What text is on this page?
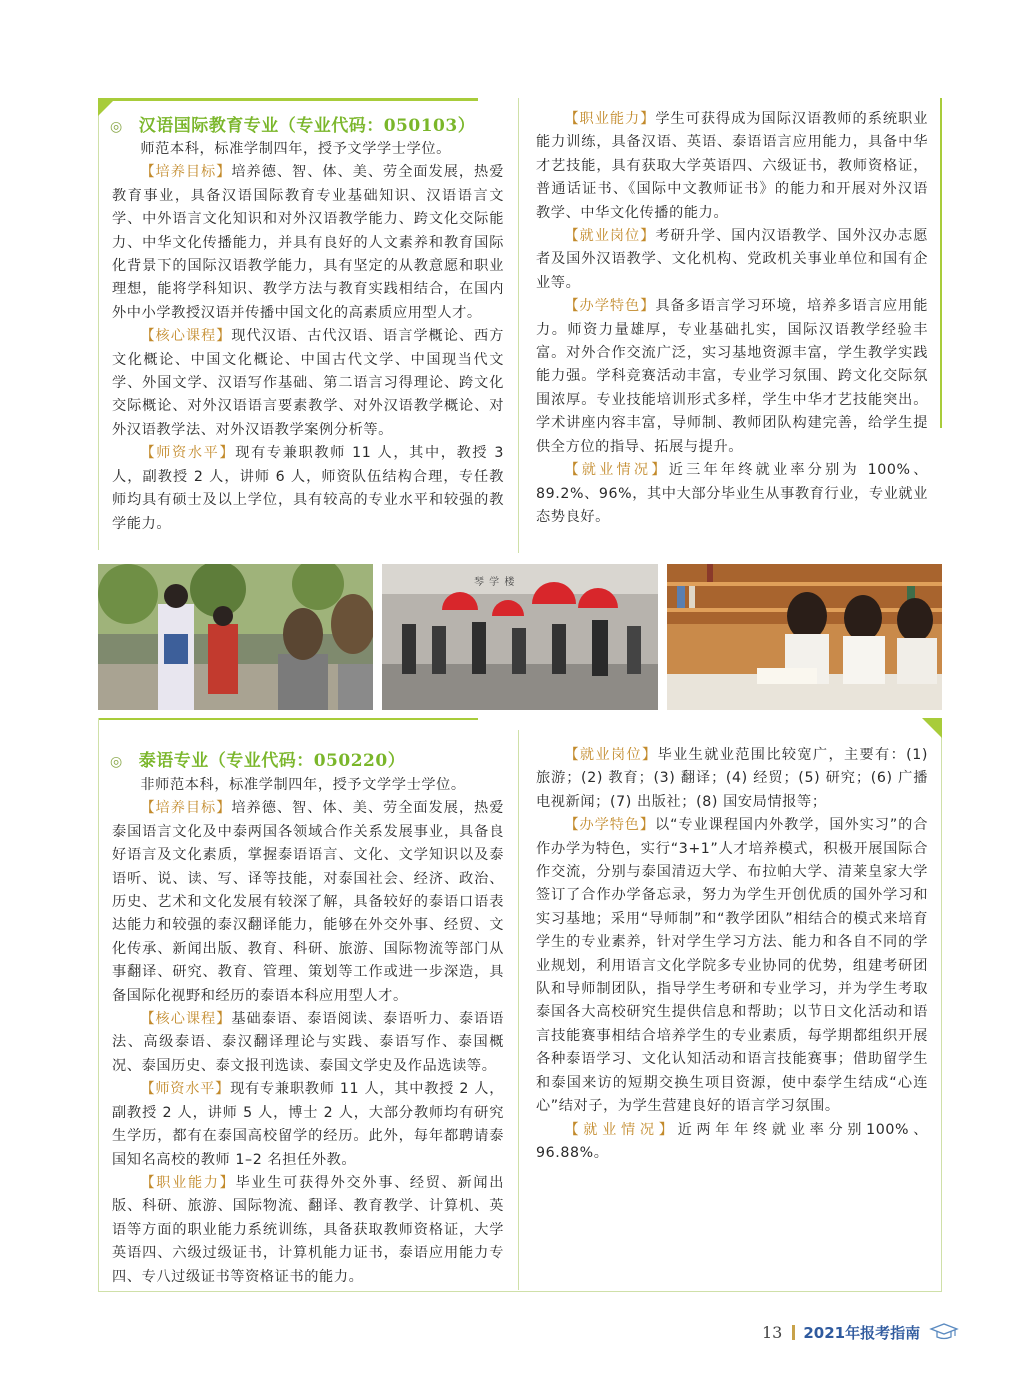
◎ 汉语国际教育专业（专业代码：050103）

师范本科，标准学制四年，授予文学学士学位。

【培养目标】培养德、智、体、美、劳全面发展，热爱教育事业，具备汉语国际教育专业基础知识、汉语语言文学、中外语言文化知识和对外汉语教学能力、跨文化交际能力、中华文化传播能力，并具有良好的人文素养和教育国际化背景下的国际汉语教学能力，具有坚定的从教意愿和职业理想，能将学科知识、教学方法与教育实践相结合，在国内外中小学教授汉语并传播中国文化的高素质应用型人才。

【核心课程】现代汉语、古代汉语、语言学概论、西方文化概论、中国文化概论、中国古代文学、中国现当代文学、外国文学、汉语写作基础、第二语言习得理论、跨文化交际概论、对外汉语语言要素教学、对外汉语教学概论、对外汉语教学法、对外汉语教学案例分析等。

【师资水平】现有专兼职教师 11 人，其中，教授 3 人，副教授 2 人，讲师 6 人，师资队伍结构合理，专任教师均具有硕士及以上学位，具有较高的专业水平和较强的教学能力。

【职业能力】学生可获得成为国际汉语教师的系统职业能力训练，具备汉语、英语、泰语语言应用能力，具备中华才艺技能，具有获取大学英语四、六级证书，教师资格证，普通话证书、《国际中文教师证书》的能力和开展对外汉语教学、中华文化传播的能力。

【就业岗位】考研升学、国内汉语教学、国外汉办志愿者及国外汉语教学、文化机构、党政机关事业单位和国有企业等。

【办学特色】具备多语言学习环境，培养多语言应用能力。师资力量雄厚，专业基础扎实，国际汉语教学经验丰富。对外合作交流广泛，实习基地资源丰富，学生教学实践能力强。学科竞赛活动丰富，专业学习氛围、跨文化交际氛围浓厚。专业技能培训形式多样，学生中华才艺技能突出。学术讲座内容丰富，导师制、教师团队构建完善，给学生提供全方位的指导、拓展与提升。

【就业情况】近三年年终就业率分别为 100%、89.2%、96%，其中大部分毕业生从事教育行业，专业就业态势良好。

琴 学 楼
◎ 泰语专业（专业代码：050220）

非师范本科，标准学制四年，授予文学学士学位。

【培养目标】培养德、智、体、美、劳全面发展，热爱泰国语言文化及中泰两国各领域合作关系发展事业，具备良好语言及文化素质，掌握泰语语言、文化、文学知识以及泰语听、说、读、写、译等技能，对泰国社会、经济、政治、历史、艺术和文化发展有较深了解，具备较好的泰语口语表达能力和较强的泰汉翻译能力，能够在外交外事、经贸、文化传承、新闻出版、教育、科研、旅游、国际物流等部门从事翻译、研究、教育、管理、策划等工作或进一步深造，具备国际化视野和经历的泰语本科应用型人才。

【核心课程】基础泰语、泰语阅读、泰语听力、泰语语法、高级泰语、泰汉翻译理论与实践、泰语写作、泰国概况、泰国历史、泰文报刊选读、泰国文学史及作品选读等。

【师资水平】现有专兼职教师 11 人，其中教授 2 人，副教授 2 人，讲师 5 人，博士 2 人，大部分教师均有研究生学历，都有在泰国高校留学的经历。此外，每年都聘请泰国知名高校的教师 1–2 名担任外教。

【职业能力】毕业生可获得外交外事、经贸、新闻出版、科研、旅游、国际物流、翻译、教育教学、计算机、英语等方面的职业能力系统训练，具备获取教师资格证，大学英语四、六级过级证书，计算机能力证书，泰语应用能力专四、专八过级证书等资格证书的能力。

【就业岗位】毕业生就业范围比较宽广，主要有：(1) 旅游；(2) 教育；(3) 翻译；(4) 经贸；(5) 研究；(6) 广播电视新闻；(7) 出版社；(8) 国安局情报等；

【办学特色】以“专业课程国内外教学，国外实习”的合作办学为特色，实行“3+1”人才培养模式，积极开展国际合作交流，分别与泰国清迈大学、布拉帕大学、清莱皇家大学签订了合作办学备忘录，努力为学生开创优质的国外学习和实习基地；采用“导师制”和“教学团队”相结合的模式来培育学生的专业素养，针对学生学习方法、能力和各自不同的学业规划，利用语言文化学院多专业协同的优势，组建考研团队和导师制团队，指导学生考研和专业学习，并为学生考取泰国各大高校研究生提供信息和帮助；以节日文化活动和语言技能赛事相结合培养学生的专业素质，每学期都组织开展各种泰语学习、文化认知活动和语言技能赛事；借助留学生和泰国来访的短期交换生项目资源，使中泰学生结成“心连心”结对子，为学生营建良好的语言学习氛围。

【就业情况】近两年年终就业率分别100%、96.88%。

13 2021年报考指南
